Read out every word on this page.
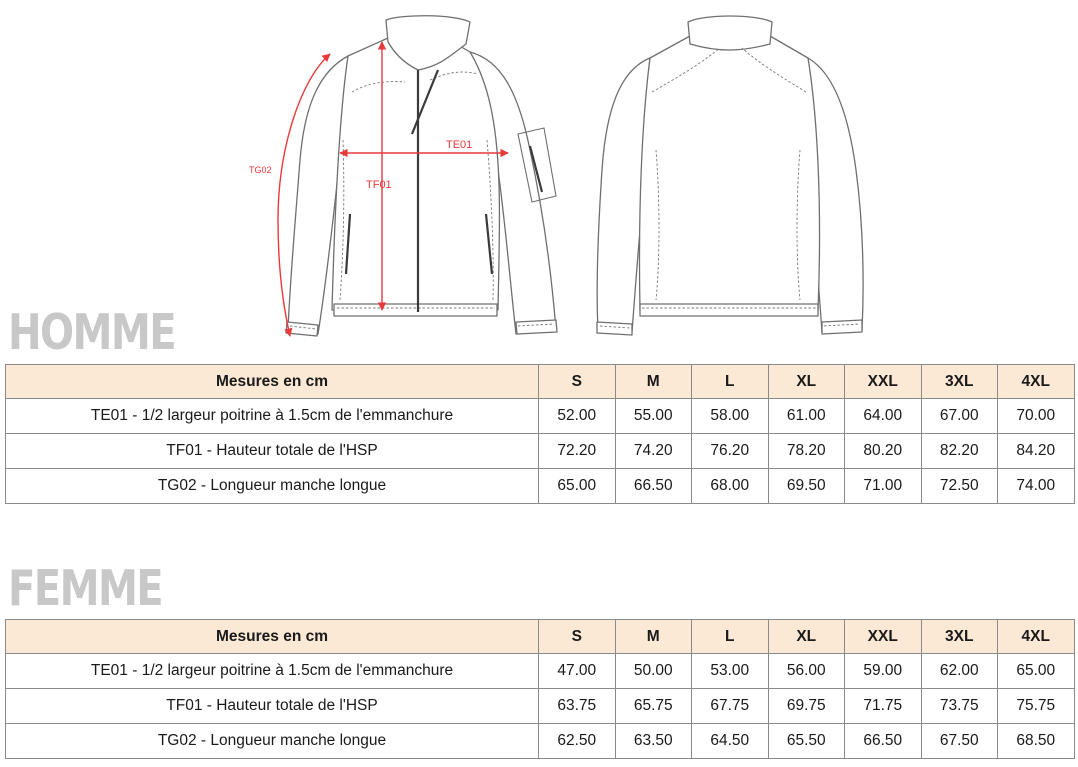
TE01
TF01
TG02
HOMME
Mesures en cm	S	M	L	XL	XXL	3XL	4XL
TE01 - 1/2 largeur poitrine à 1.5cm de l'emmanchure	52.00	55.00	58.00	61.00	64.00	67.00	70.00
TF01 - Hauteur totale de l'HSP	72.20	74.20	76.20	78.20	80.20	82.20	84.20
TG02 - Longueur manche longue	65.00	66.50	68.00	69.50	71.00	72.50	74.00
FEMME
Mesures en cm	S	M	L	XL	XXL	3XL	4XL
TE01 - 1/2 largeur poitrine à 1.5cm de l'emmanchure	47.00	50.00	53.00	56.00	59.00	62.00	65.00
TF01 - Hauteur totale de l'HSP	63.75	65.75	67.75	69.75	71.75	73.75	75.75
TG02 - Longueur manche longue	62.50	63.50	64.50	65.50	66.50	67.50	68.50
